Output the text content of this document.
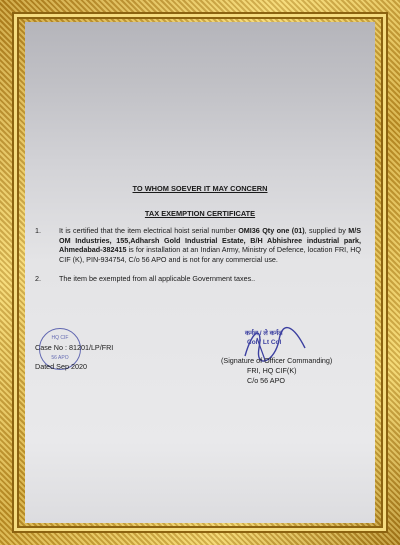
TO WHOM SOEVER IT MAY CONCERN
TAX EXEMPTION CERTIFICATE
1.	It is certified that the item electrical hoist serial number OMI36 Qty one (01), supplied by M/S OM Industries, 155,Adharsh Gold Industrial Estate, B/H Abhishree industrial park, Ahmedabad-382415 is for installation at an Indian Army, Ministry of Defence, location FRI, HQ CIF (K), PIN-934754, C/o 56 APO and is not for any commercial use.
2.	The item be exempted from all applicable Government taxes..
HQ CIF
56 APO
Case No : 81201/LP/FRI
Dated Sep 2020
कर्नल / ले कर्नल
Col / Lt Col
(Signature of Officer Commanding)
FRI, HQ CIF(K)
C/o 56 APO
